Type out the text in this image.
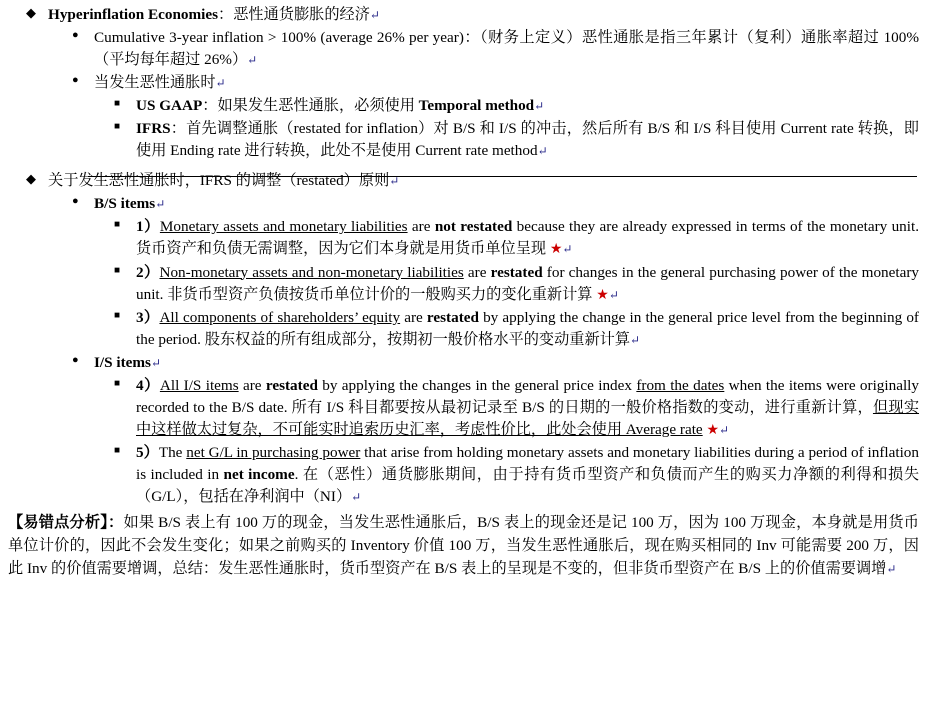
◆ Hyperinflation Economies：恶性通货膨胀的经济↵
●	Cumulative 3-year inflation > 100% (average 26% per year)：（财务上定义）恶性通胀是指三年累计（复利）通胀率超过 100%（平均每年超过 26%）↵
●	当发生恶性通胀时↵
■	US GAAP：如果发生恶性通胀，必须使用 Temporal method↵
■	IFRS：首先调整通胀（restated for inflation）对 B/S 和 I/S 的冲击，然后所有 B/S 和 I/S 科目使用 Current rate 转换，即使用 Ending rate 进行转换，此处不是使用 Current rate method↵
◆ 关于发生恶性通胀时，IFRS 的调整（restated）原则↵
●	B/S items↵
■	1）Monetary assets and monetary liabilities are not restated because they are already expressed in terms of the monetary unit. 货币资产和负债无需调整，因为它们本身就是用货币单位呈现 ★↵
■	2）Non-monetary assets and non-monetary liabilities are restated for changes in the general purchasing power of the monetary unit. 非货币型资产负债按货币单位计价的一般购买力的变化重新计算 ★↵
■	3）All components of shareholders’ equity are restated by applying the change in the general price level from the beginning of the period. 股东权益的所有组成部分，按期初一般价格水平的变动重新计算↵
●	I/S items↵
■	4）All I/S items are restated by applying the changes in the general price index from the dates when the items were originally recorded to the B/S date. 所有 I/S 科目都要按从最初记录至 B/S 的日期的一般价格指数的变动，进行重新计算，但现实中这样做太过复杂，不可能实时追索历史汇率，考虑性价比，此处会使用 Average rate ★↵
■	5）The net G/L in purchasing power that arise from holding monetary assets and monetary liabilities during a period of inflation is included in net income. 在（恶性）通货膨胀期间，由于持有货币型资产和负债而产生的购买力净额的利得和损失（G/L），包括在净利润中（NI）↵
【易错点分析】：如果 B/S 表上有 100 万的现金，当发生恶性通胀后，B/S 表上的现金还是记 100 万，因为 100 万现金，本身就是用货币单位计价的，因此不会发生变化；如果之前购买的 Inventory 价值 100 万，当发生恶性通胀后，现在购买相同的 Inv 可能需要 200 万，因此 Inv 的价值需要增调，总结：发生恶性通胀时，货币型资产在 B/S 表上的呈现是不变的，但非货币型资产在 B/S 上的价值需要调增↵
